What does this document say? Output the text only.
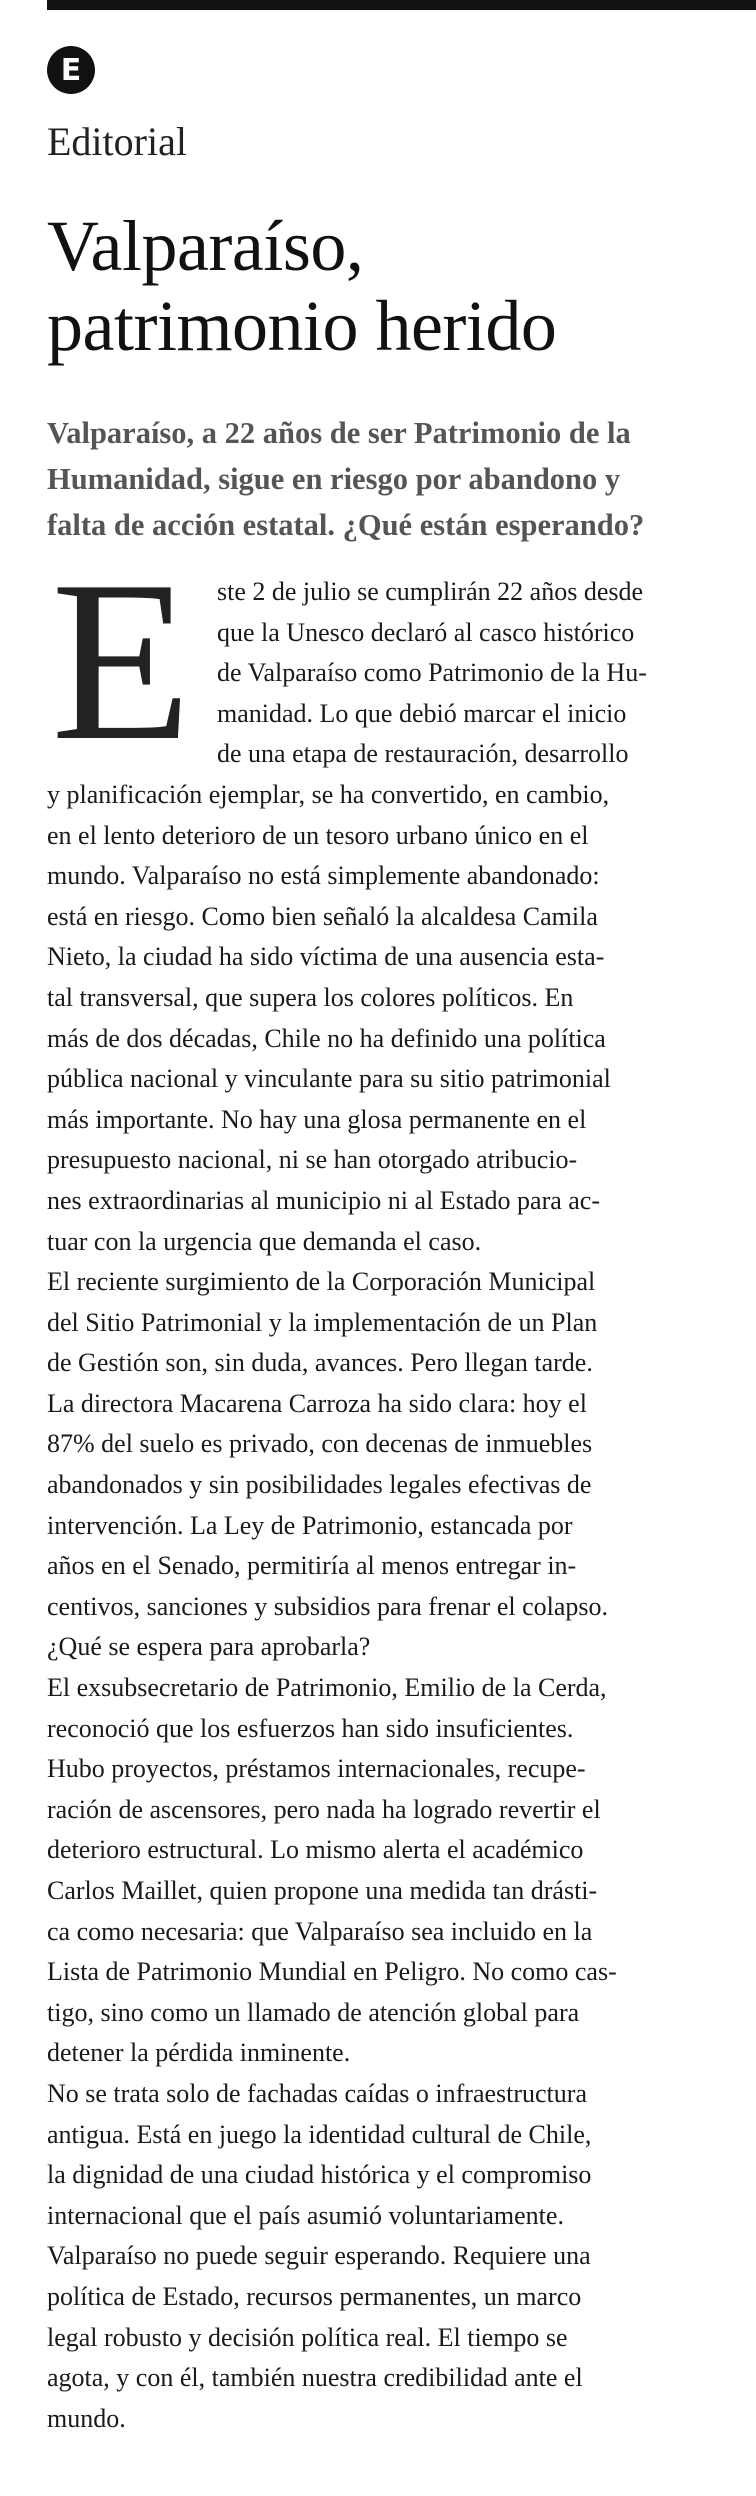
E
Editorial
Valparaíso,
patrimonio herido

Valparaíso, a 22 años de ser Patrimonio de la
Humanidad, sigue en riesgo por abandono y
falta de acción estatal. ¿Qué están esperando?

E ste 2 de julio se cumplirán 22 años desde
que la Unesco declaró al casco histórico
de Valparaíso como Patrimonio de la Hu-
manidad. Lo que debió marcar el inicio
de una etapa de restauración, desarrollo
y planificación ejemplar, se ha convertido, en cambio,
en el lento deterioro de un tesoro urbano único en el
mundo. Valparaíso no está simplemente abandonado:
está en riesgo. Como bien señaló la alcaldesa Camila
Nieto, la ciudad ha sido víctima de una ausencia esta-
tal transversal, que supera los colores políticos. En
más de dos décadas, Chile no ha definido una política
pública nacional y vinculante para su sitio patrimonial
más importante. No hay una glosa permanente en el
presupuesto nacional, ni se han otorgado atribucio-
nes extraordinarias al municipio ni al Estado para ac-
tuar con la urgencia que demanda el caso.
El reciente surgimiento de la Corporación Municipal
del Sitio Patrimonial y la implementación de un Plan
de Gestión son, sin duda, avances. Pero llegan tarde.
La directora Macarena Carroza ha sido clara: hoy el
87% del suelo es privado, con decenas de inmuebles
abandonados y sin posibilidades legales efectivas de
intervención. La Ley de Patrimonio, estancada por
años en el Senado, permitiría al menos entregar in-
centivos, sanciones y subsidios para frenar el colapso.
¿Qué se espera para aprobarla?
El exsubsecretario de Patrimonio, Emilio de la Cerda,
reconoció que los esfuerzos han sido insuficientes.
Hubo proyectos, préstamos internacionales, recupe-
ración de ascensores, pero nada ha logrado revertir el
deterioro estructural. Lo mismo alerta el académico
Carlos Maillet, quien propone una medida tan drásti-
ca como necesaria: que Valparaíso sea incluido en la
Lista de Patrimonio Mundial en Peligro. No como cas-
tigo, sino como un llamado de atención global para
detener la pérdida inminente.
No se trata solo de fachadas caídas o infraestructura
antigua. Está en juego la identidad cultural de Chile,
la dignidad de una ciudad histórica y el compromiso
internacional que el país asumió voluntariamente.
Valparaíso no puede seguir esperando. Requiere una
política de Estado, recursos permanentes, un marco
legal robusto y decisión política real. El tiempo se
agota, y con él, también nuestra credibilidad ante el
mundo.
